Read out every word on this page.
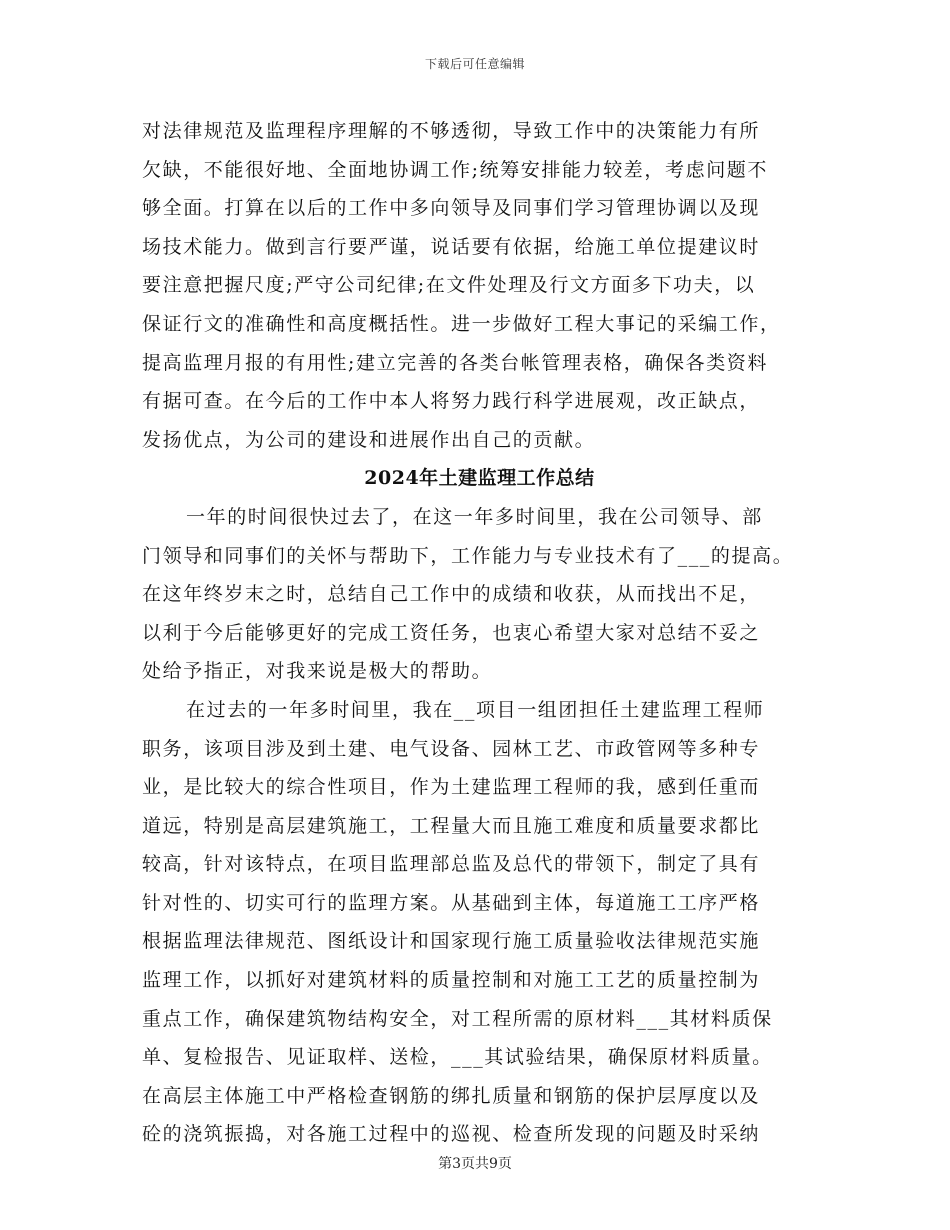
下载后可任意编辑
对法律规范及监理程序理解的不够透彻，导致工作中的决策能力有所
欠缺，不能很好地、全面地协调工作;统筹安排能力较差，考虑问题不
够全面。打算在以后的工作中多向领导及同事们学习管理协调以及现
场技术能力。做到言行要严谨，说话要有依据，给施工单位提建议时
要注意把握尺度;严守公司纪律;在文件处理及行文方面多下功夫，以
保证行文的准确性和高度概括性。进一步做好工程大事记的采编工作，
提高监理月报的有用性;建立完善的各类台帐管理表格，确保各类资料
有据可查。在今后的工作中本人将努力践行科学进展观，改正缺点，
发扬优点，为公司的建设和进展作出自己的贡献。
2024年土建监理工作总结
一年的时间很快过去了，在这一年多时间里，我在公司领导、部
门领导和同事们的关怀与帮助下，工作能力与专业技术有了___的提高。
在这年终岁末之时，总结自己工作中的成绩和收获，从而找出不足，
以利于今后能够更好的完成工资任务，也衷心希望大家对总结不妥之
处给予指正，对我来说是极大的帮助。
在过去的一年多时间里，我在__项目一组团担任土建监理工程师
职务，该项目涉及到土建、电气设备、园林工艺、市政管网等多种专
业，是比较大的综合性项目，作为土建监理工程师的我，感到任重而
道远，特别是高层建筑施工，工程量大而且施工难度和质量要求都比
较高，针对该特点，在项目监理部总监及总代的带领下，制定了具有
针对性的、切实可行的监理方案。从基础到主体，每道施工工序严格
根据监理法律规范、图纸设计和国家现行施工质量验收法律规范实施
监理工作，以抓好对建筑材料的质量控制和对施工工艺的质量控制为
重点工作，确保建筑物结构安全，对工程所需的原材料___其材料质保
单、复检报告、见证取样、送检，___其试验结果，确保原材料质量。
在高层主体施工中严格检查钢筋的绑扎质量和钢筋的保护层厚度以及
砼的浇筑振捣，对各施工过程中的巡视、检查所发现的问题及时采纳
第3页共9页
